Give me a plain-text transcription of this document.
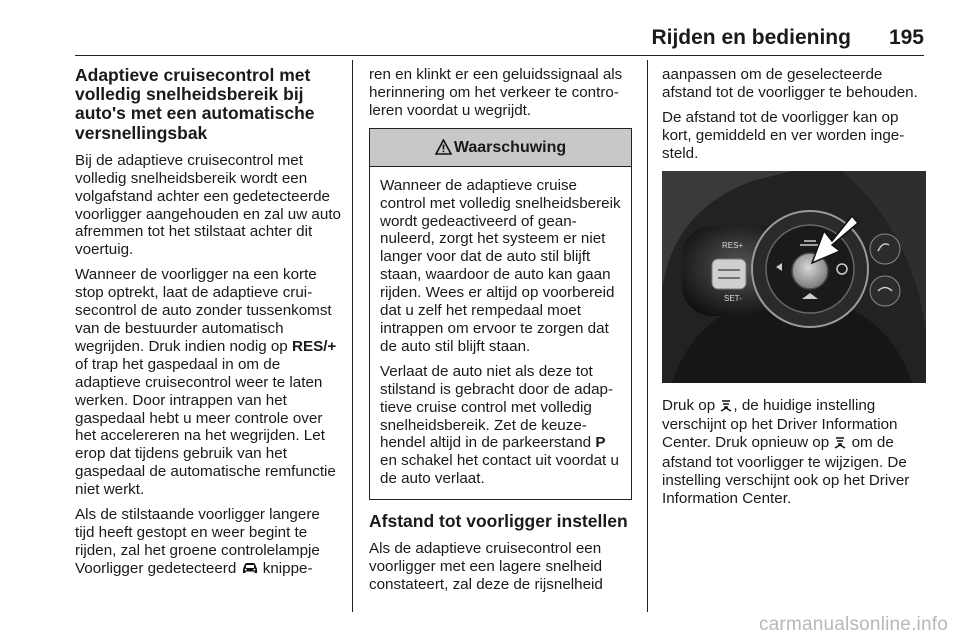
Rijden en bediening 195
Adaptieve cruisecontrol met volledig snelheidsbereik bij auto's met een automatische versnellingsbak

Bij de adaptieve cruisecontrol met volledig snelheidsbereik wordt een volgafstand achter een gedetecteerde voorligger aangehouden en zal uw auto afremmen tot het stilstaat achter dit voertuig.

Wanneer de voorligger na een korte stop optrekt, laat de adaptieve cruisecontrol de auto zonder tussenkomst van de bestuurder automatisch wegrijden. Druk indien nodig op RES/+ of trap het gaspedaal in om de adaptieve cruisecontrol weer te laten werken. Door intrappen van het gaspedaal hebt u meer controle over het accelereren na het wegrijden. Let erop dat tijdens gebruik van het gaspedaal de automatische remfunctie niet werkt.

Als de stilstaande voorligger langere tijd heeft gestopt en weer begint te rijden, zal het groene controlelampje Voorligger gedetecteerd  knippe-

ren en klinkt er een geluidssignaal als herinnering om het verkeer te controleren voordat u wegrijdt.

Waarschuwing

Wanneer de adaptieve cruise control met volledig snelheidsbereik wordt gedeactiveerd of geannuleerd, zorgt het systeem er niet langer voor dat de auto stil blijft staan, waardoor de auto kan gaan rijden. Wees er altijd op voorbereid dat u zelf het rempedaal moet intrappen om ervoor te zorgen dat de auto stil blijft staan.

Verlaat de auto niet als deze tot stilstand is gebracht door de adaptieve cruise control met volledig snelheidsbereik. Zet de keuzehendel altijd in de parkeerstand P en schakel het contact uit voordat u de auto verlaat.

Afstand tot voorligger instellen

Als de adaptieve cruisecontrol een voorligger met een lagere snelheid constateert, zal deze de rijsnelheid

aanpassen om de geselecteerde afstand tot de voorligger te behouden.

De afstand tot de voorligger kan op kort, gemiddeld en ver worden ingesteld.

RES+
SET-

Druk op , de huidige instelling verschijnt op het Driver Information Center. Druk opnieuw op  om de afstand tot voorligger te wijzigen. De instelling verschijnt ook op het Driver Information Center.

carmanualsonline.info
